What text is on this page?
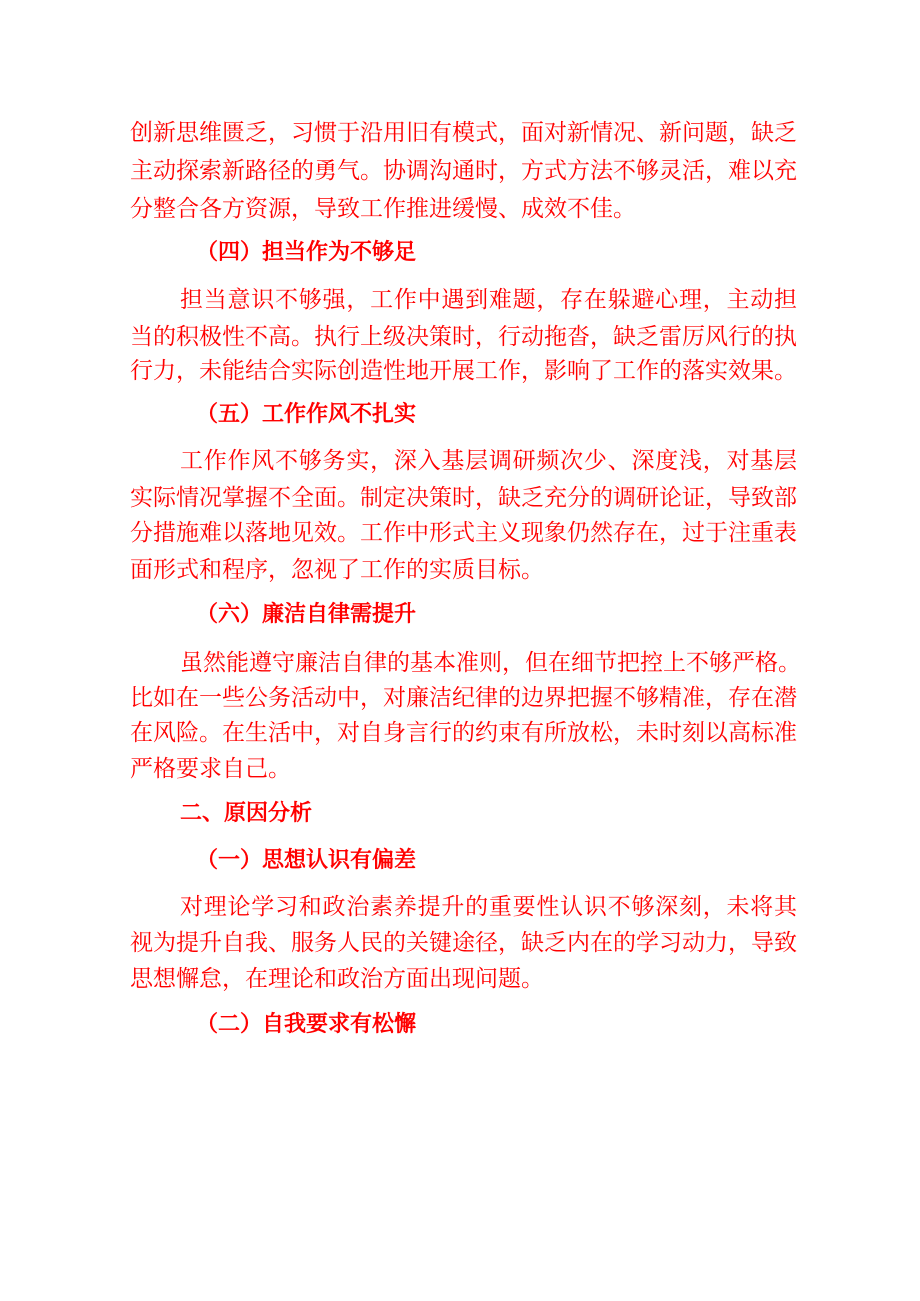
创新思维匮乏，习惯于沿用旧有模式，面对新情况、新问题，缺乏
主动探索新路径的勇气。协调沟通时，方式方法不够灵活，难以充
分整合各方资源，导致工作推进缓慢、成效不佳。
（四）担当作为不够足
担当意识不够强，工作中遇到难题，存在躲避心理，主动担
当的积极性不高。执行上级决策时，行动拖沓，缺乏雷厉风行的执
行力，未能结合实际创造性地开展工作，影响了工作的落实效果。
（五）工作作风不扎实
工作作风不够务实，深入基层调研频次少、深度浅，对基层
实际情况掌握不全面。制定决策时，缺乏充分的调研论证，导致部
分措施难以落地见效。工作中形式主义现象仍然存在，过于注重表
面形式和程序，忽视了工作的实质目标。
（六）廉洁自律需提升
虽然能遵守廉洁自律的基本准则，但在细节把控上不够严格。
比如在一些公务活动中，对廉洁纪律的边界把握不够精准，存在潜
在风险。在生活中，对自身言行的约束有所放松，未时刻以高标准
严格要求自己。
二、原因分析
（一）思想认识有偏差
对理论学习和政治素养提升的重要性认识不够深刻，未将其
视为提升自我、服务人民的关键途径，缺乏内在的学习动力，导致
思想懈怠，在理论和政治方面出现问题。
（二）自我要求有松懈
